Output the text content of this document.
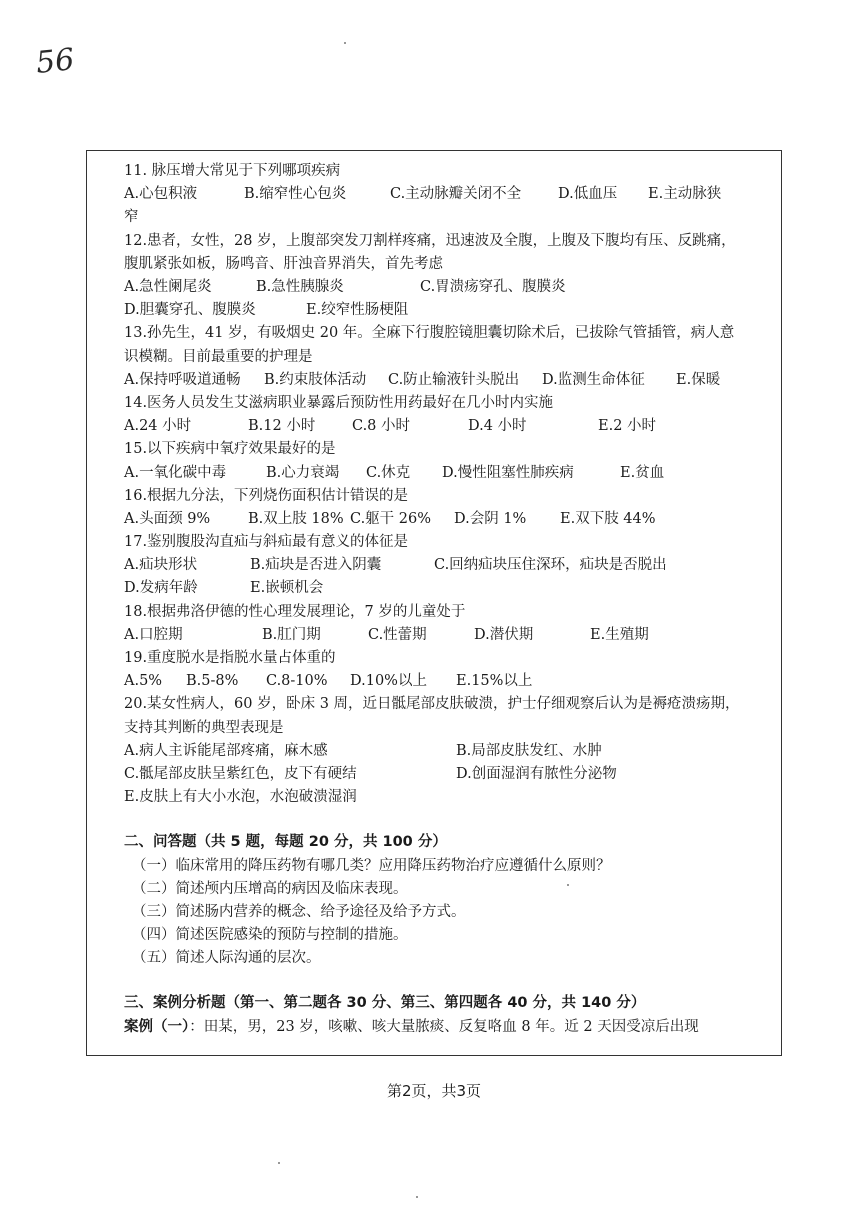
56
11. 脉压增大常见于下列哪项疾病
A.心包积液	B.缩窄性心包炎	C.主动脉瓣关闭不全	D.低血压 E.主动脉狭
窄
12.患者，女性，28 岁，上腹部突发刀割样疼痛，迅速波及全腹，上腹及下腹均有压、反跳痛，腹肌紧张如板，肠鸣音、肝浊音界消失，首先考虑
A.急性阑尾炎	B.急性胰腺炎	C.胃溃疡穿孔、腹膜炎
D.胆囊穿孔、腹膜炎	E.绞窄性肠梗阻
13.孙先生，41 岁，有吸烟史 20 年。全麻下行腹腔镜胆囊切除术后，已拔除气管插管，病人意识模糊。目前最重要的护理是
A.保持呼吸道通畅 B.约束肢体活动 C.防止输液针头脱出 D.监测生命体征 E.保暖
14.医务人员发生艾滋病职业暴露后预防性用药最好在几小时内实施
A.24 小时	B.12 小时	C.8 小时	D.4 小时	E.2 小时
15.以下疾病中氧疗效果最好的是
A.一氧化碳中毒	B.心力衰竭 C.休克 D.慢性阻塞性肺疾病	E.贫血
16.根据九分法，下列烧伤面积估计错误的是
A.头面颈 9%	B.双上肢 18% C.躯干 26% D.会阴 1% E.双下肢 44%
17.鉴别腹股沟直疝与斜疝最有意义的体征是
A.疝块形状	B.疝块是否进入阴囊	C.回纳疝块压住深环，疝块是否脱出
D.发病年龄	E.嵌顿机会
18.根据弗洛伊德的性心理发展理论，7 岁的儿童处于
A.口腔期	B.肛门期	C.性蕾期	D.潜伏期	E.生殖期
19.重度脱水是指脱水量占体重的
A.5% B.5-8% C.8-10% D.10%以上 E.15%以上
20.某女性病人，60 岁，卧床 3 周，近日骶尾部皮肤破溃，护士仔细观察后认为是褥疮溃疡期，支持其判断的典型表现是
A.病人主诉能尾部疼痛，麻木感	B.局部皮肤发红、水肿
C.骶尾部皮肤呈紫红色，皮下有硬结	D.创面湿润有脓性分泌物
E.皮肤上有大小水泡，水泡破溃湿润
二、问答题（共 5 题，每题 20 分，共 100 分）
（一）临床常用的降压药物有哪几类？应用降压药物治疗应遵循什么原则？
（二）简述颅内压增高的病因及临床表现。
（三）简述肠内营养的概念、给予途径及给予方式。
（四）简述医院感染的预防与控制的措施。
（五）简述人际沟通的层次。
三、案例分析题（第一、第二题各 30 分、第三、第四题各 40 分，共 140 分）
案例（一）：田某，男，23 岁，咳嗽、咳大量脓痰、反复咯血 8 年。近 2 天因受凉后出现
第2页，共3页
